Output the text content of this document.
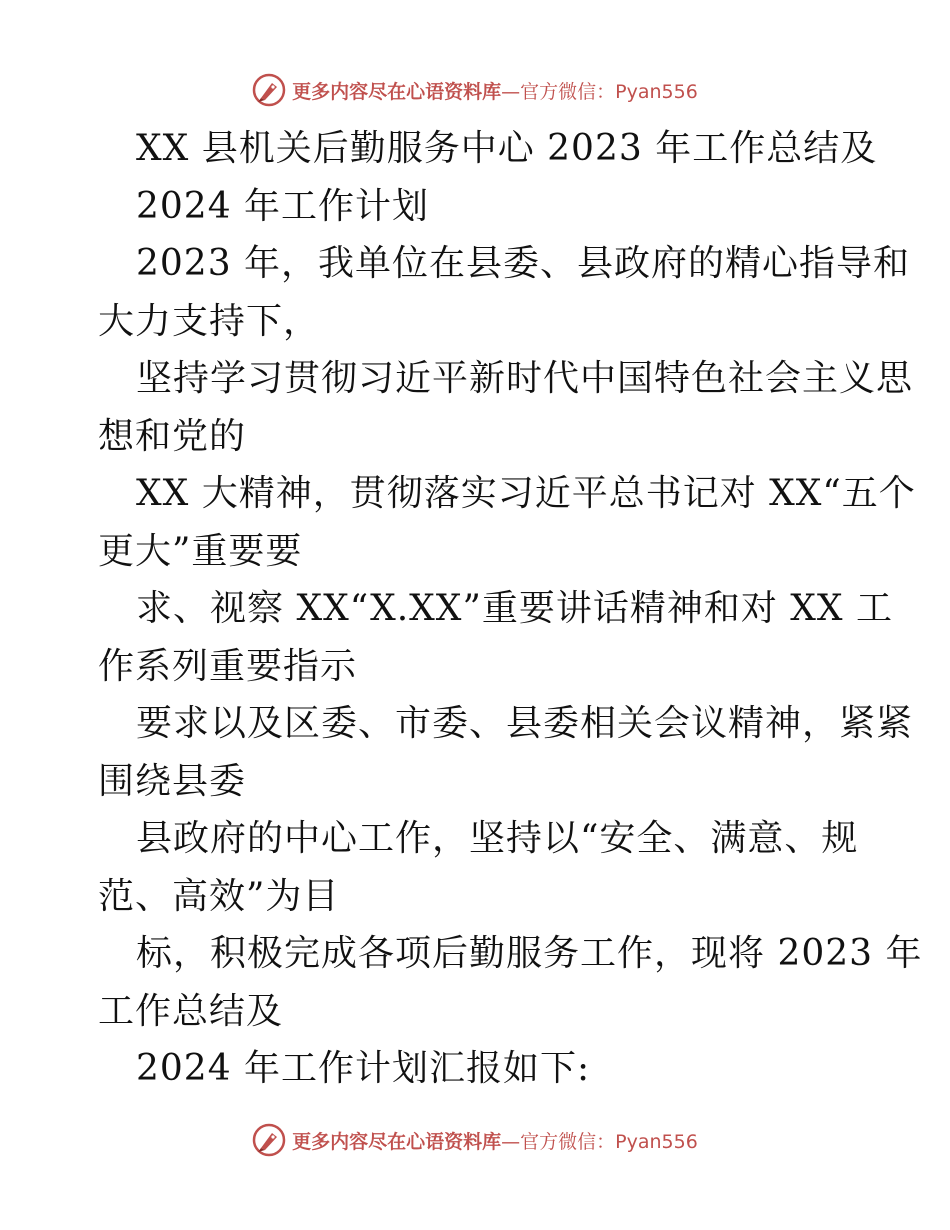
更多内容尽在心语资料库—官方微信：Pyan556
XX 县机关后勤服务中心 2023 年工作总结及
2024 年工作计划
2023 年，我单位在县委、县政府的精心指导和
大力支持下，
坚持学习贯彻习近平新时代中国特色社会主义思
想和党的
XX 大精神，贯彻落实习近平总书记对 XX“五个
更大”重要要
求、视察 XX“X.XX”重要讲话精神和对 XX 工
作系列重要指示
要求以及区委、市委、县委相关会议精神，紧紧
围绕县委
县政府的中心工作，坚持以“安全、满意、规
范、高效”为目
标，积极完成各项后勤服务工作，现将 2023 年
工作总结及
2024 年工作计划汇报如下:
更多内容尽在心语资料库—官方微信：Pyan556
